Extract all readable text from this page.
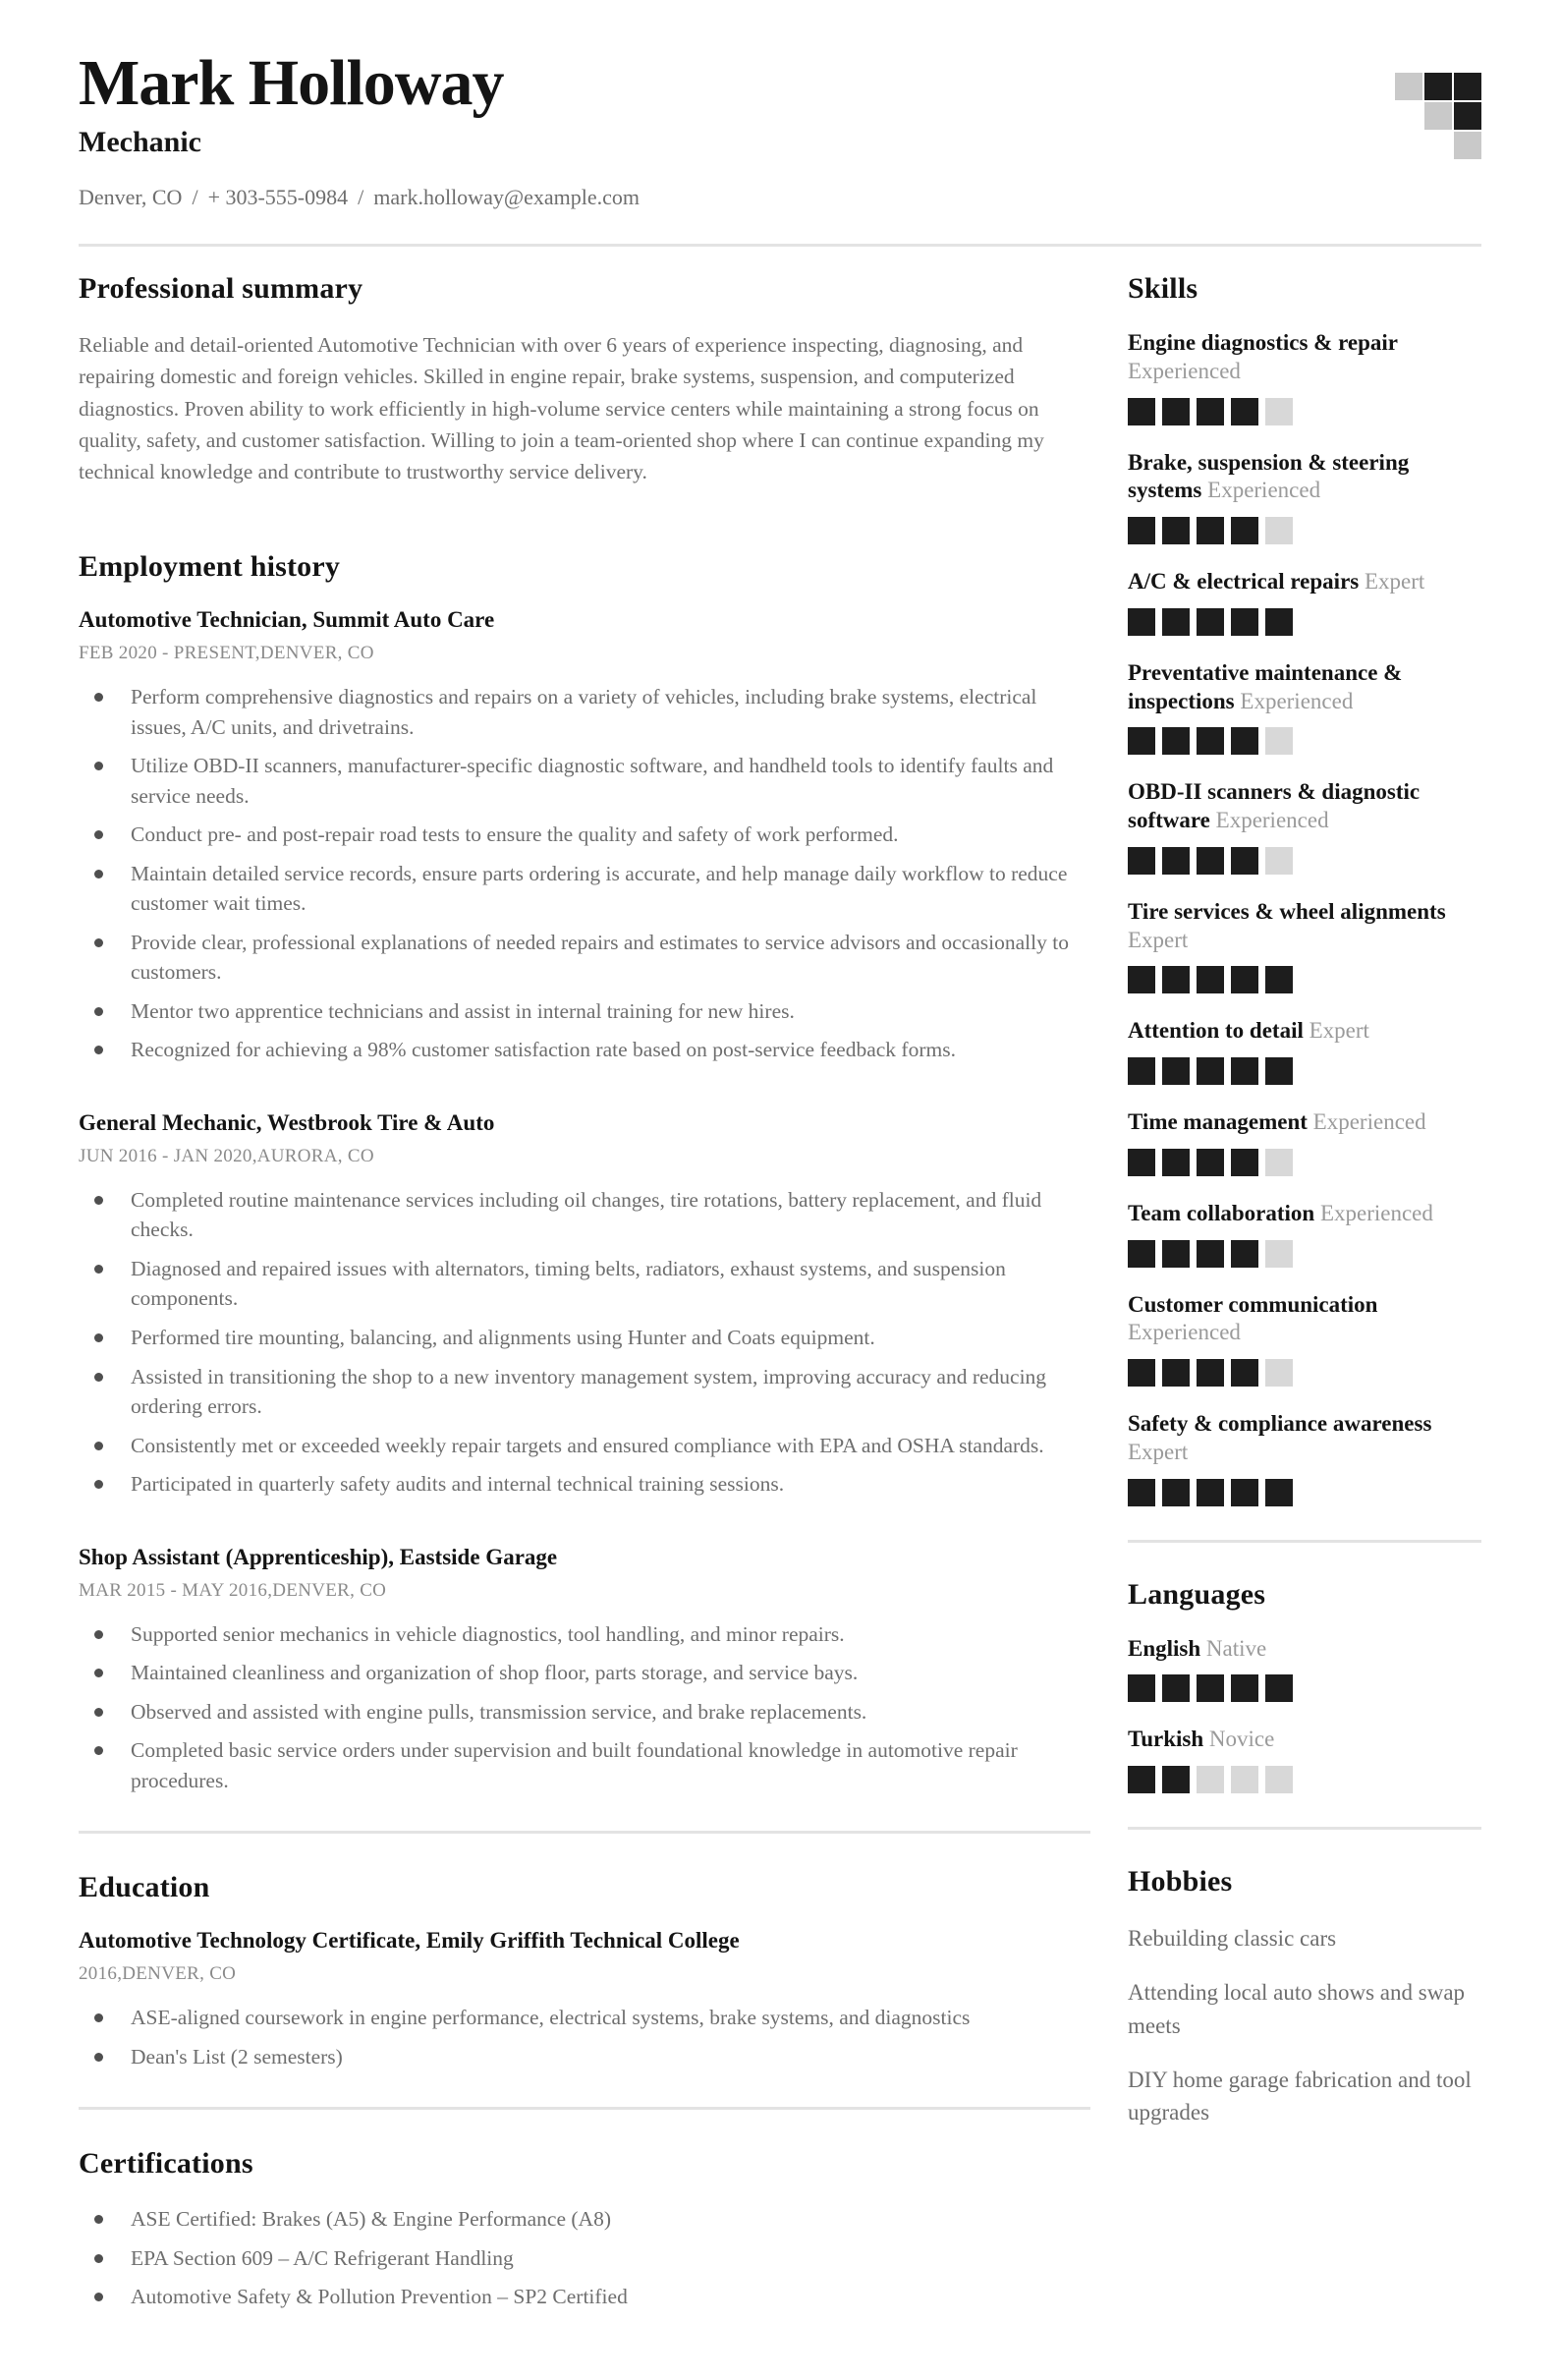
Mark Holloway
Mechanic
Denver, CO / + 303-555-0984 / mark.holloway@example.com
Professional summary

Reliable and detail-oriented Automotive Technician with over 6 years of experience inspecting, diagnosing, and repairing domestic and foreign vehicles. Skilled in engine repair, brake systems, suspension, and computerized diagnostics. Proven ability to work efficiently in high-volume service centers while maintaining a strong focus on quality, safety, and customer satisfaction. Willing to join a team-oriented shop where I can continue expanding my technical knowledge and contribute to trustworthy service delivery.

Employment history
Automotive Technician, Summit Auto Care
FEB 2020 - PRESENT,DENVER, CO
Perform comprehensive diagnostics and repairs on a variety of vehicles, including brake systems, electrical issues, A/C units, and drivetrains.
Utilize OBD-II scanners, manufacturer-specific diagnostic software, and handheld tools to identify faults and service needs.
Conduct pre- and post-repair road tests to ensure the quality and safety of work performed.
Maintain detailed service records, ensure parts ordering is accurate, and help manage daily workflow to reduce customer wait times.
Provide clear, professional explanations of needed repairs and estimates to service advisors and occasionally to customers.
Mentor two apprentice technicians and assist in internal training for new hires.
Recognized for achieving a 98% customer satisfaction rate based on post-service feedback forms.
General Mechanic, Westbrook Tire & Auto
JUN 2016 - JAN 2020,AURORA, CO
Completed routine maintenance services including oil changes, tire rotations, battery replacement, and fluid checks.
Diagnosed and repaired issues with alternators, timing belts, radiators, exhaust systems, and suspension components.
Performed tire mounting, balancing, and alignments using Hunter and Coats equipment.
Assisted in transitioning the shop to a new inventory management system, improving accuracy and reducing ordering errors.
Consistently met or exceeded weekly repair targets and ensured compliance with EPA and OSHA standards.
Participated in quarterly safety audits and internal technical training sessions.
Shop Assistant (Apprenticeship), Eastside Garage
MAR 2015 - MAY 2016,DENVER, CO
Supported senior mechanics in vehicle diagnostics, tool handling, and minor repairs.
Maintained cleanliness and organization of shop floor, parts storage, and service bays.
Observed and assisted with engine pulls, transmission service, and brake replacements.
Completed basic service orders under supervision and built foundational knowledge in automotive repair procedures.
Education
Automotive Technology Certificate, Emily Griffith Technical College
2016,DENVER, CO
ASE-aligned coursework in engine performance, electrical systems, brake systems, and diagnostics
Dean's List (2 semesters)
Certifications
ASE Certified: Brakes (A5) & Engine Performance (A8)
EPA Section 609 – A/C Refrigerant Handling
Automotive Safety & Pollution Prevention – SP2 Certified
Skills
Engine diagnostics & repair Experienced
Brake, suspension & steering systems Experienced
A/C & electrical repairs Expert
Preventative maintenance & inspections Experienced
OBD-II scanners & diagnostic software Experienced
Tire services & wheel alignments Expert
Attention to detail Expert
Time management Experienced
Team collaboration Experienced
Customer communication Experienced
Safety & compliance awareness Expert
Languages
English Native
Turkish Novice
Hobbies

Rebuilding classic cars

Attending local auto shows and swap meets

DIY home garage fabrication and tool upgrades
